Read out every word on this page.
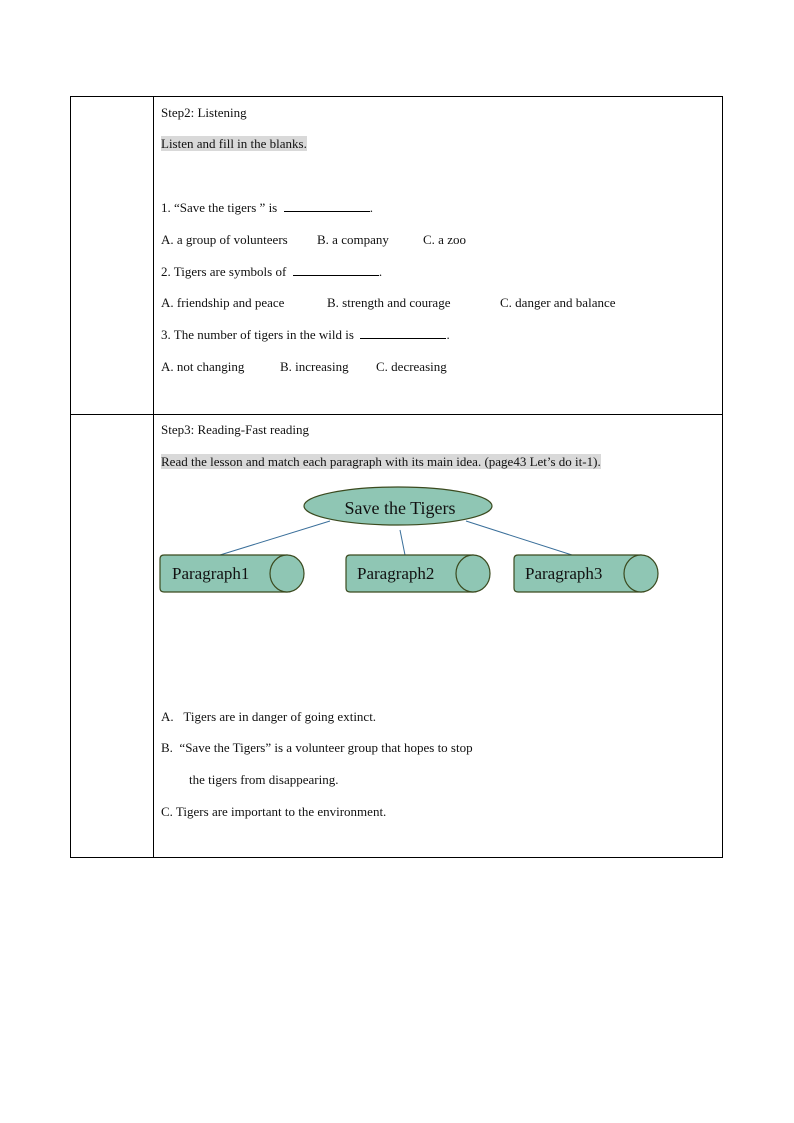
Step2: Listening
Listen and fill in the blanks.
1. “Save the tigers ” is	.
A. a group of volunteers B. a company	C. a zoo
2. Tigers are symbols of	.
A. friendship and peace	B. strength and courage	C. danger and balance
3. The number of tigers in the wild is	.
A. not changing	B. increasing C. decreasing
Step3: Reading-Fast reading
Read the lesson and match each paragraph with its main idea. (page43 Let’s do it-1).
Save the Tigers
Paragraph1	Paragraph2	Paragraph3
A.   Tigers are in danger of going extinct.
B.  “Save the Tigers” is a volunteer group that hopes to stop
the tigers from disappearing.
C. Tigers are important to the environment.
